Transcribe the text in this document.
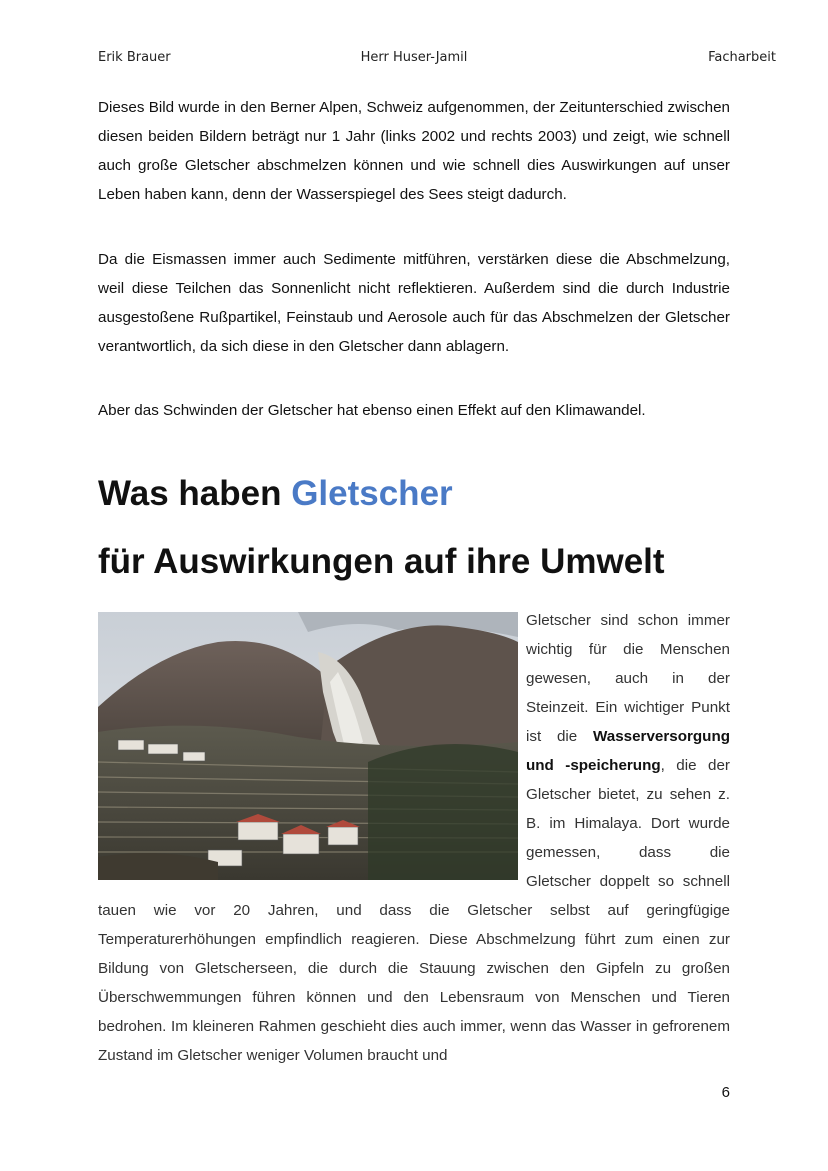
Erik Brauer	Herr Huser-Jamil	Facharbeit

Dieses Bild wurde in den Berner Alpen, Schweiz aufgenommen, der Zeitunterschied zwischen diesen beiden Bildern beträgt nur 1 Jahr (links 2002 und rechts 2003) und zeigt, wie schnell auch große Gletscher abschmelzen können und wie schnell dies Auswirkungen auf unser Leben haben kann, denn der Wasserspiegel des Sees steigt dadurch.

Da die Eismassen immer auch Sedimente mitführen, verstärken diese die Abschmelzung, weil diese Teilchen das Sonnenlicht nicht reflektieren. Außerdem sind die durch Industrie ausgestoßene Rußpartikel, Feinstaub und Aerosole auch für das Abschmelzen der Gletscher verantwortlich, da sich diese in den Gletscher dann ablagern.

Aber das Schwinden der Gletscher hat ebenso einen Effekt auf den Klimawandel.

Was haben Gletscher
für Auswirkungen auf ihre Umwelt
Gletscher sind schon immer wichtig für die Menschen gewesen, auch in der Steinzeit. Ein wichtiger Punkt ist die Wasserversorgung und -speicherung, die der Gletscher bietet, zu sehen z. B. im Himalaya. Dort wurde gemessen, dass die Gletscher doppelt so schnell tauen wie vor 20 Jahren, und dass die Gletscher selbst auf geringfügige Temperaturerhöhungen empfindlich reagieren. Diese Abschmelzung führt zum einen zur Bildung von Gletscherseen, die durch die Stauung zwischen den Gipfeln zu großen Überschwemmungen führen können und den Lebensraum von Menschen und Tieren bedrohen. Im kleineren Rahmen geschieht dies auch immer, wenn das Wasser in gefrorenem Zustand im Gletscher weniger Volumen braucht und
6
